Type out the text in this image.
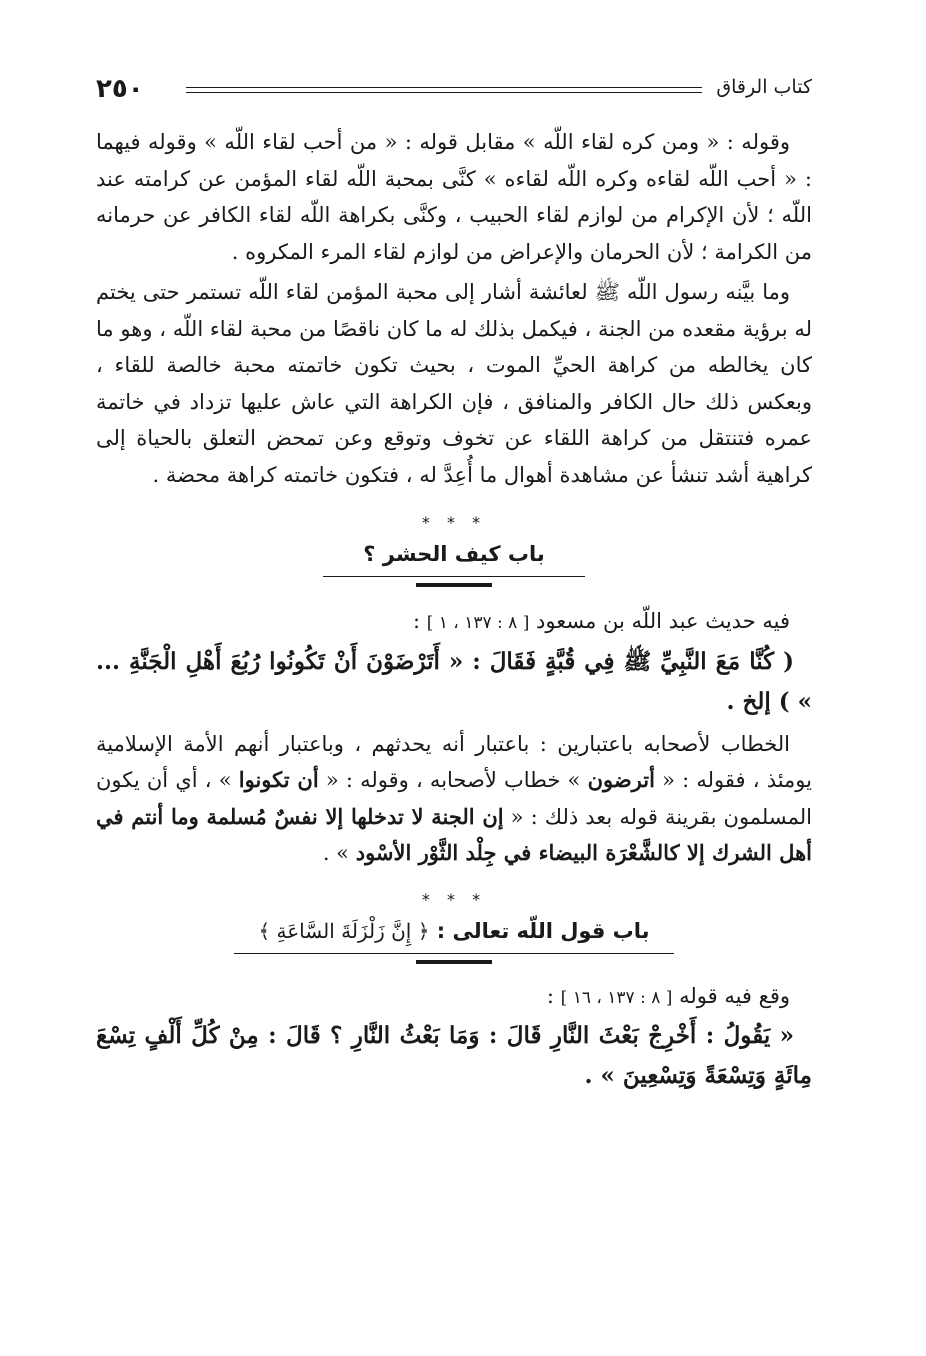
٢٥٠	كتاب الرقاق

وقوله : « ومن كره لقاء اللّه » مقابل قوله : « من أحب لقاء اللّه » وقوله فيهما : « أحب اللّه لقاءه وكره اللّه لقاءه » كنَّى بمحبة اللّه لقاء المؤمن عن كرامته عند اللّه ؛ لأن الإكرام من لوازم لقاء الحبيب ، وكنَّى بكراهة اللّه لقاء الكافر عن حرمانه من الكرامة ؛ لأن الحرمان والإعراض من لوازم لقاء المرء المكروه .

وما بيَّنه رسول اللّه ﷺ لعائشة أشار إلى محبة المؤمن لقاء اللّه تستمر حتى يختم له برؤية مقعده من الجنة ، فيكمل بذلك له ما كان ناقصًا من محبة لقاء اللّه ، وهو ما كان يخالطه من كراهة الحيِّ الموت ، بحيث تكون خاتمته محبة خالصة للقاء ، وبعكس ذلك حال الكافر والمنافق ، فإن الكراهة التي عاش عليها تزداد في خاتمة عمره فتنتقل من كراهة اللقاء عن تخوف وتوقع وعن تمحض التعلق بالحياة إلى كراهية أشد تنشأ عن مشاهدة أهوال ما أُعِدَّ له ، فتكون خاتمته كراهة محضة .

* * *
باب كيف الحشر ؟

فيه حديث عبد اللّه بن مسعود [ ٨ : ١٣٧ ، ١ ] :

( كُنَّا مَعَ النَّبِيِّ ﷺ فِي قُبَّةٍ فَقَالَ : « أَتَرْضَوْنَ أَنْ تَكُونُوا رُبُعَ أَهْلِ الْجَنَّةِ ... » ) إلخ .

الخطاب لأصحابه باعتبارين : باعتبار أنه يحدثهم ، وباعتبار أنهم الأمة الإسلامية يومئذ ، فقوله : « أترضون » خطاب لأصحابه ، وقوله : « أن تكونوا » ، أي أن يكون المسلمون بقرينة قوله بعد ذلك : « إن الجنة لا تدخلها إلا نفسٌ مُسلمة وما أنتم في أهل الشرك إلا كالشَّعْرَة البيضاء في جِلْد الثَّوْر الأسْود » .

* * *
باب قول اللّه تعالى : ﴿ إِنَّ زَلْزَلَةَ السَّاعَةِ ﴾

وقع فيه قوله [ ٨ : ١٣٧ ، ١٦ ] :

« يَقُولُ : أَخْرِجْ بَعْثَ النَّارِ قَالَ : وَمَا بَعْثُ النَّارِ ؟ قَالَ : مِنْ كُلِّ أَلْفٍ تِسْعَ مِائَةٍ وَتِسْعَةً وَتِسْعِينَ » .
